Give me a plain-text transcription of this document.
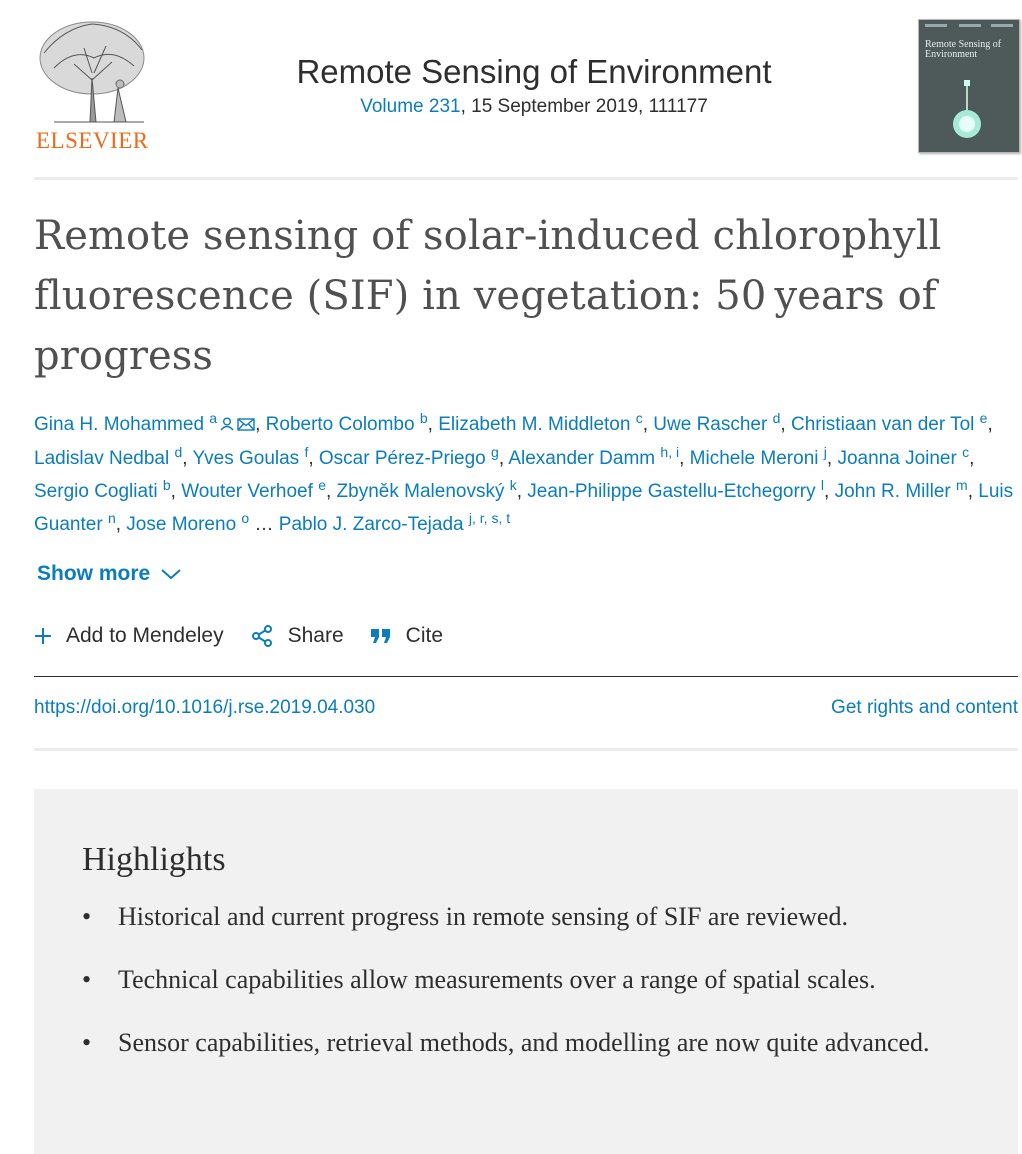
ELSEVIER
Remote Sensing of Environment
Volume 231, 15 September 2019, 111177
Remote Sensing of Environment
Remote sensing of solar-induced chlorophyll fluorescence (SIF) in vegetation: 50 years of progress
Gina H. Mohammed $^a$ , Roberto Colombo $^b$, Elizabeth M. Middleton $^c$, Uwe Rascher $^d$, Christiaan van der Tol $^e$, Ladislav Nedbal $^d$, Yves Goulas $^f$, Oscar Pérez-Priego $^g$, Alexander Damm $^{h, i}$, Michele Meroni $^j$, Joanna Joiner $^c$, Sergio Cogliati $^b$, Wouter Verhoef $^e$, Zbyněk Malenovský $^k$, Jean-Philippe Gastellu-Etchegorry $^l$, John R. Miller $^m$, Luis Guanter $^n$, Jose Moreno $^o$ … Pablo J. Zarco-Tejada $^{j, r, s, t}$
Show more
Add to Mendeley	Share	Cite
https://doi.org/10.1016/j.rse.2019.04.030	Get rights and content
Highlights
• Historical and current progress in remote sensing of SIF are reviewed.
• Technical capabilities allow measurements over a range of spatial scales.
• Sensor capabilities, retrieval methods, and modelling are now quite advanced.
